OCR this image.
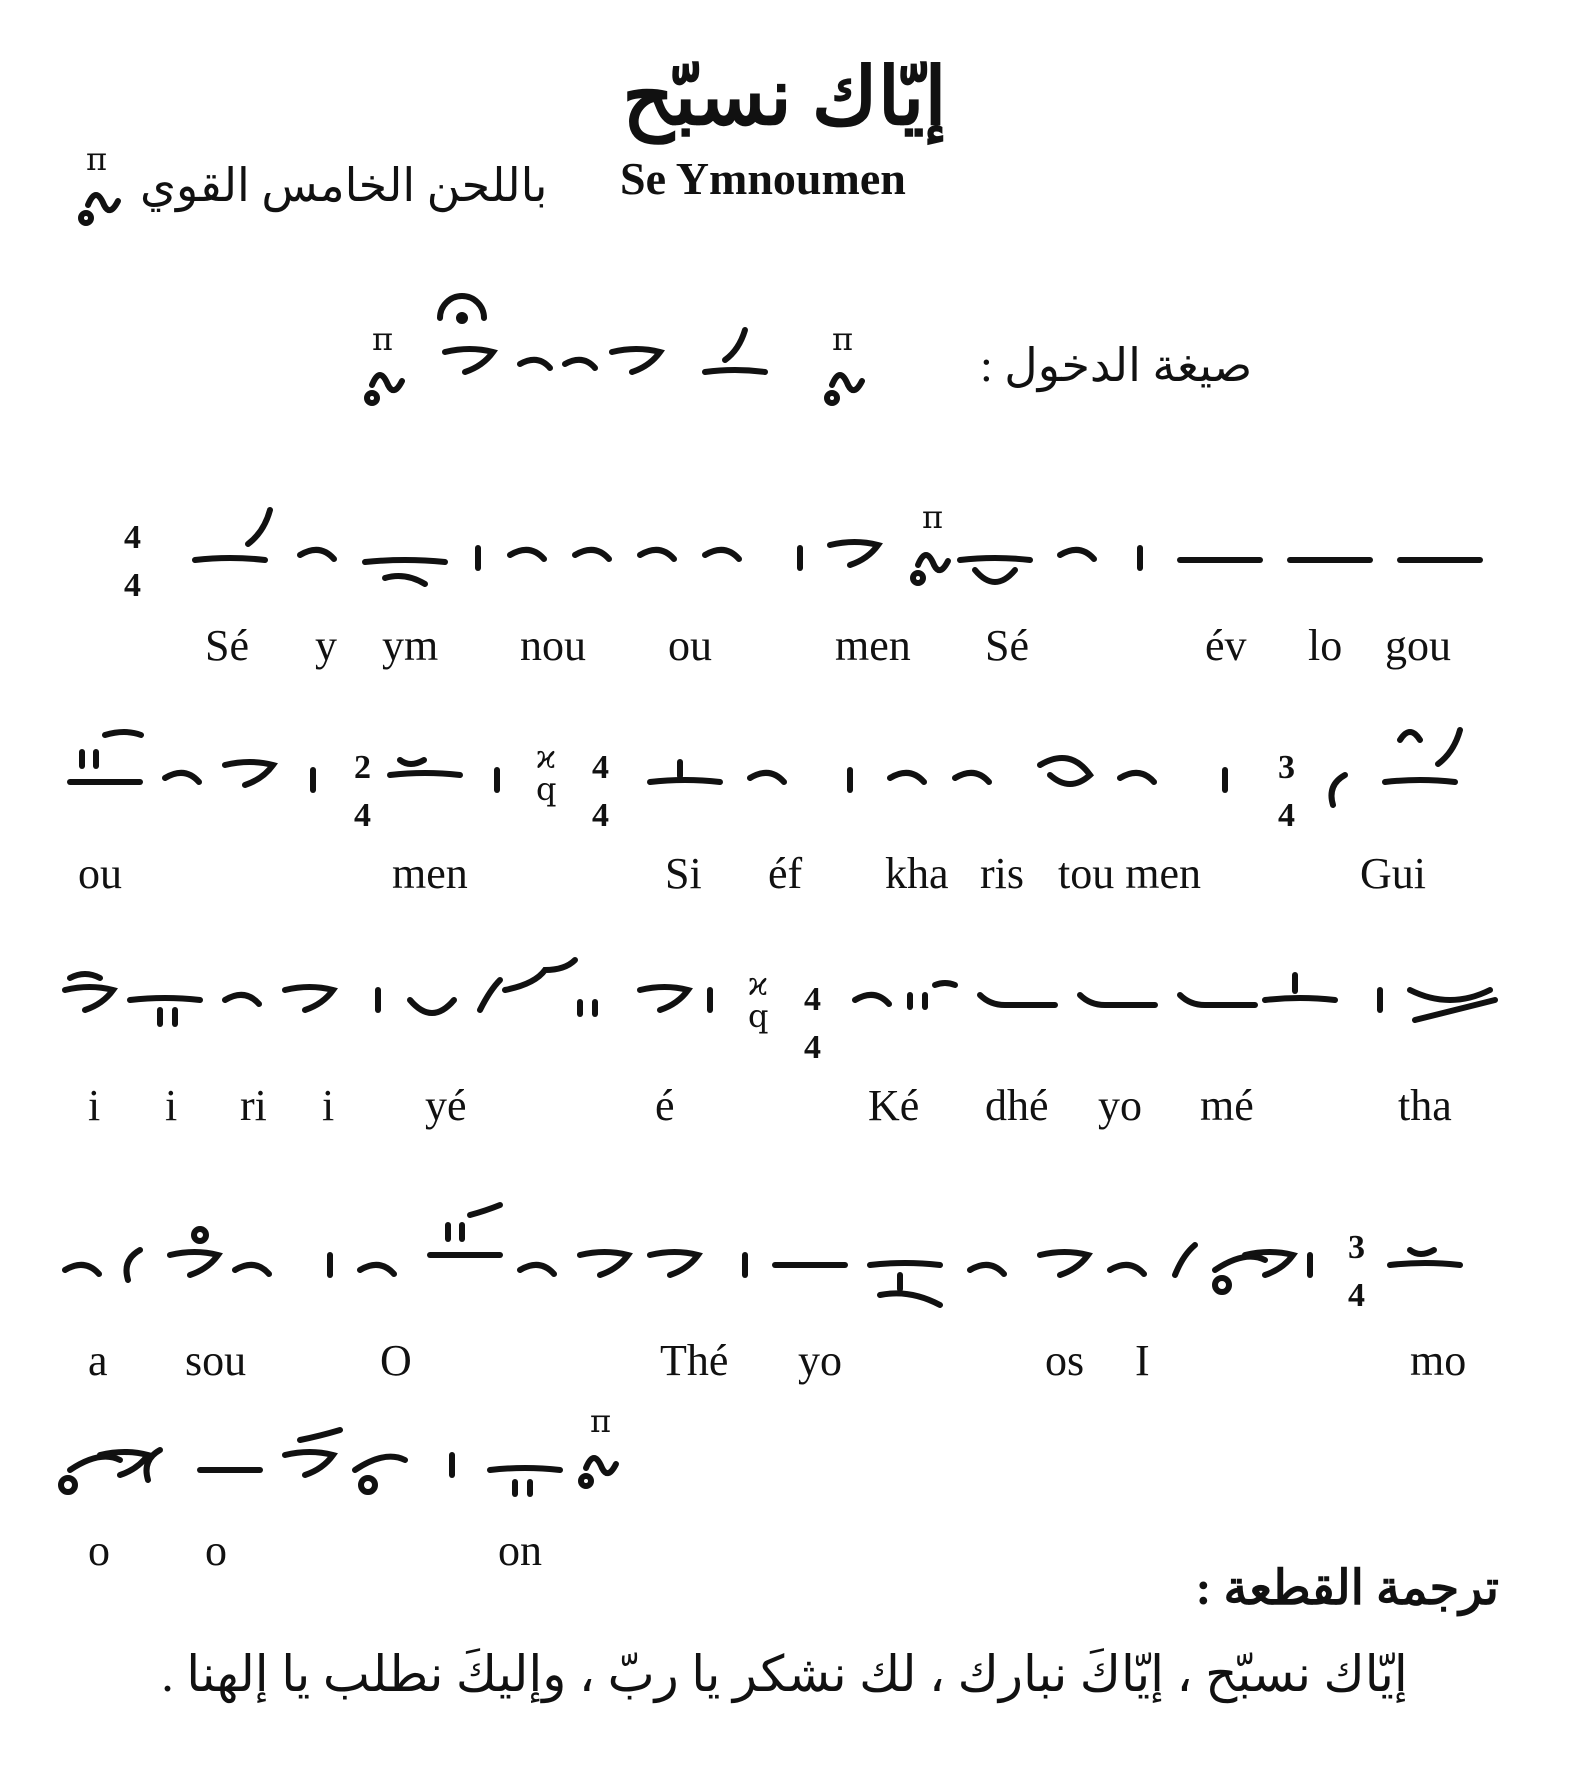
إيّاك نسبّح
Se Ymnoumen
باللحن الخامس القوي
صيغة الدخول :
π
π	π
4
4
π
2
4
ϰ
q
4
4
3
4
ϰ
q 4
4
3
4
π
Sé y ym nou ou	men Sé	év lo gou
ou	men	Si éf kha ris tou men	Gui
i i ri i yé	é	Ké dhé yo mé	tha
a sou	O	Thé yo	os I	mo
o o	on
ترجمة القطعة :
إيّاك نسبّح ، إيّاكَ نبارك ، لك نشكر يا ربّ ، وإليكَ نطلب يا إلهنا .
